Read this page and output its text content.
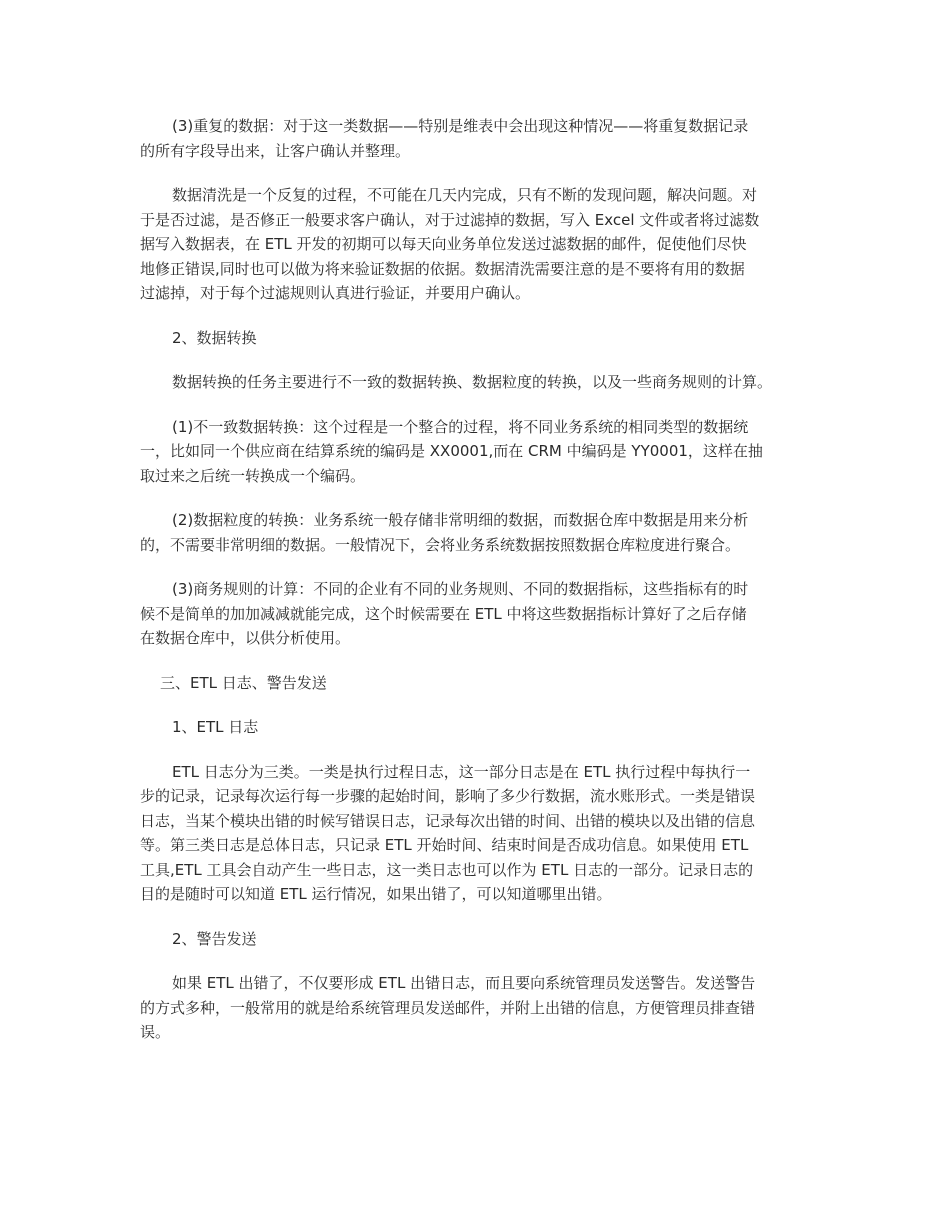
(3)重复的数据：对于这一类数据——特别是维表中会出现这种情况——将重复数据记录
的所有字段导出来，让客户确认并整理。
数据清洗是一个反复的过程，不可能在几天内完成，只有不断的发现问题，解决问题。对
于是否过滤，是否修正一般要求客户确认，对于过滤掉的数据，写入 Excel 文件或者将过滤数
据写入数据表，在 ETL 开发的初期可以每天向业务单位发送过滤数据的邮件，促使他们尽快
地修正错误,同时也可以做为将来验证数据的依据。数据清洗需要注意的是不要将有用的数据
过滤掉，对于每个过滤规则认真进行验证，并要用户确认。
2、数据转换
数据转换的任务主要进行不一致的数据转换、数据粒度的转换，以及一些商务规则的计算。
(1)不一致数据转换：这个过程是一个整合的过程，将不同业务系统的相同类型的数据统
一，比如同一个供应商在结算系统的编码是 XX0001,而在 CRM 中编码是 YY0001，这样在抽
取过来之后统一转换成一个编码。
(2)数据粒度的转换：业务系统一般存储非常明细的数据，而数据仓库中数据是用来分析
的，不需要非常明细的数据。一般情况下，会将业务系统数据按照数据仓库粒度进行聚合。
(3)商务规则的计算：不同的企业有不同的业务规则、不同的数据指标，这些指标有的时
候不是简单的加加减减就能完成，这个时候需要在 ETL 中将这些数据指标计算好了之后存储
在数据仓库中，以供分析使用。
三、ETL 日志、警告发送
1、ETL 日志
ETL 日志分为三类。一类是执行过程日志，这一部分日志是在 ETL 执行过程中每执行一
步的记录，记录每次运行每一步骤的起始时间，影响了多少行数据，流水账形式。一类是错误
日志，当某个模块出错的时候写错误日志，记录每次出错的时间、出错的模块以及出错的信息
等。第三类日志是总体日志，只记录 ETL 开始时间、结束时间是否成功信息。如果使用 ETL
工具,ETL 工具会自动产生一些日志，这一类日志也可以作为 ETL 日志的一部分。记录日志的
目的是随时可以知道 ETL 运行情况，如果出错了，可以知道哪里出错。
2、警告发送
如果 ETL 出错了，不仅要形成 ETL 出错日志，而且要向系统管理员发送警告。发送警告
的方式多种，一般常用的就是给系统管理员发送邮件，并附上出错的信息，方便管理员排查错
误。
